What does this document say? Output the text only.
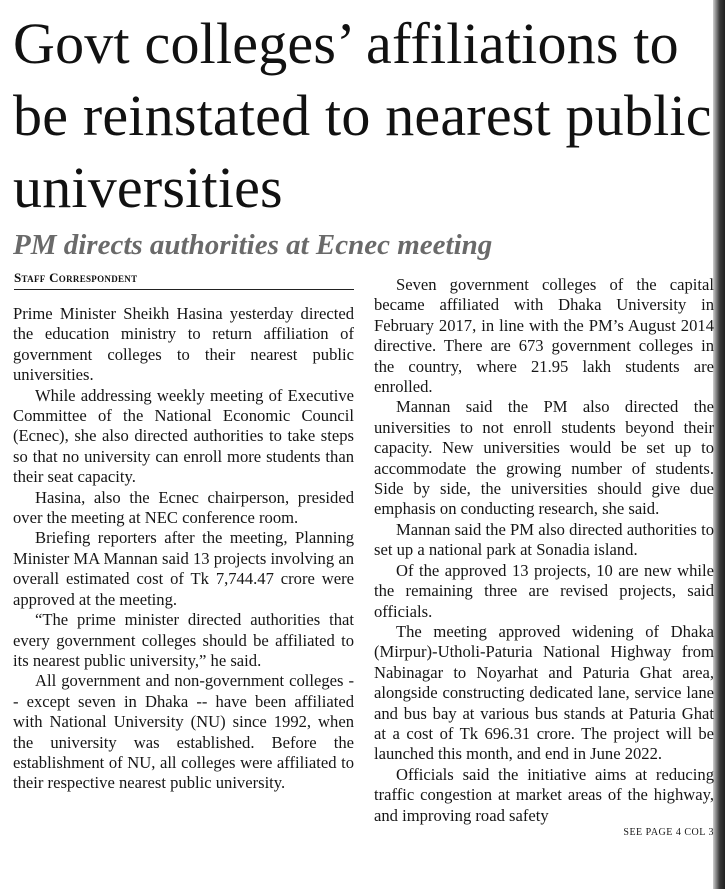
Govt colleges’ affiliations to be reinstated to nearest public universities
PM directs authorities at Ecnec meeting
Staff Correspondent

Prime Minister Sheikh Hasina yesterday directed the education ministry to return affiliation of government colleges to their nearest public universities.

While addressing weekly meeting of Executive Committee of the National Economic Council (Ecnec), she also directed authorities to take steps so that no university can enroll more students than their seat capacity.

Hasina, also the Ecnec chairperson, presided over the meeting at NEC conference room.

Briefing reporters after the meeting, Planning Minister MA Mannan said 13 projects involving an overall estimated cost of Tk 7,744.47 crore were approved at the meeting.

“The prime minister directed authorities that every government colleges should be affiliated to its nearest public university,” he said.

All government and non-government colleges -- except seven in Dhaka -- have been affiliated with National University (NU) since 1992, when the university was established. Before the establishment of NU, all colleges were affiliated to their respective nearest public university.

Seven government colleges of the capital became affiliated with Dhaka University in February 2017, in line with the PM’s August 2014 directive. There are 673 government colleges in the country, where 21.95 lakh students are enrolled.

Mannan said the PM also directed the universities to not enroll students beyond their capacity. New universities would be set up to accommodate the growing number of students. Side by side, the universities should give due emphasis on conducting research, she said.

Mannan said the PM also directed authorities to set up a national park at Sonadia island.

Of the approved 13 projects, 10 are new while the remaining three are revised projects, said officials.

The meeting approved widening of Dhaka (Mirpur)-Utholi-Paturia National Highway from Nabinagar to Noyarhat and Paturia Ghat area, alongside constructing dedicated lane, service lane and bus bay at various bus stands at Paturia Ghat at a cost of Tk 696.31 crore. The project will be launched this month, and end in June 2022.

Officials said the initiative aims at reducing traffic congestion at market areas of the highway, and improving road safety

SEE PAGE 4 COL 3
